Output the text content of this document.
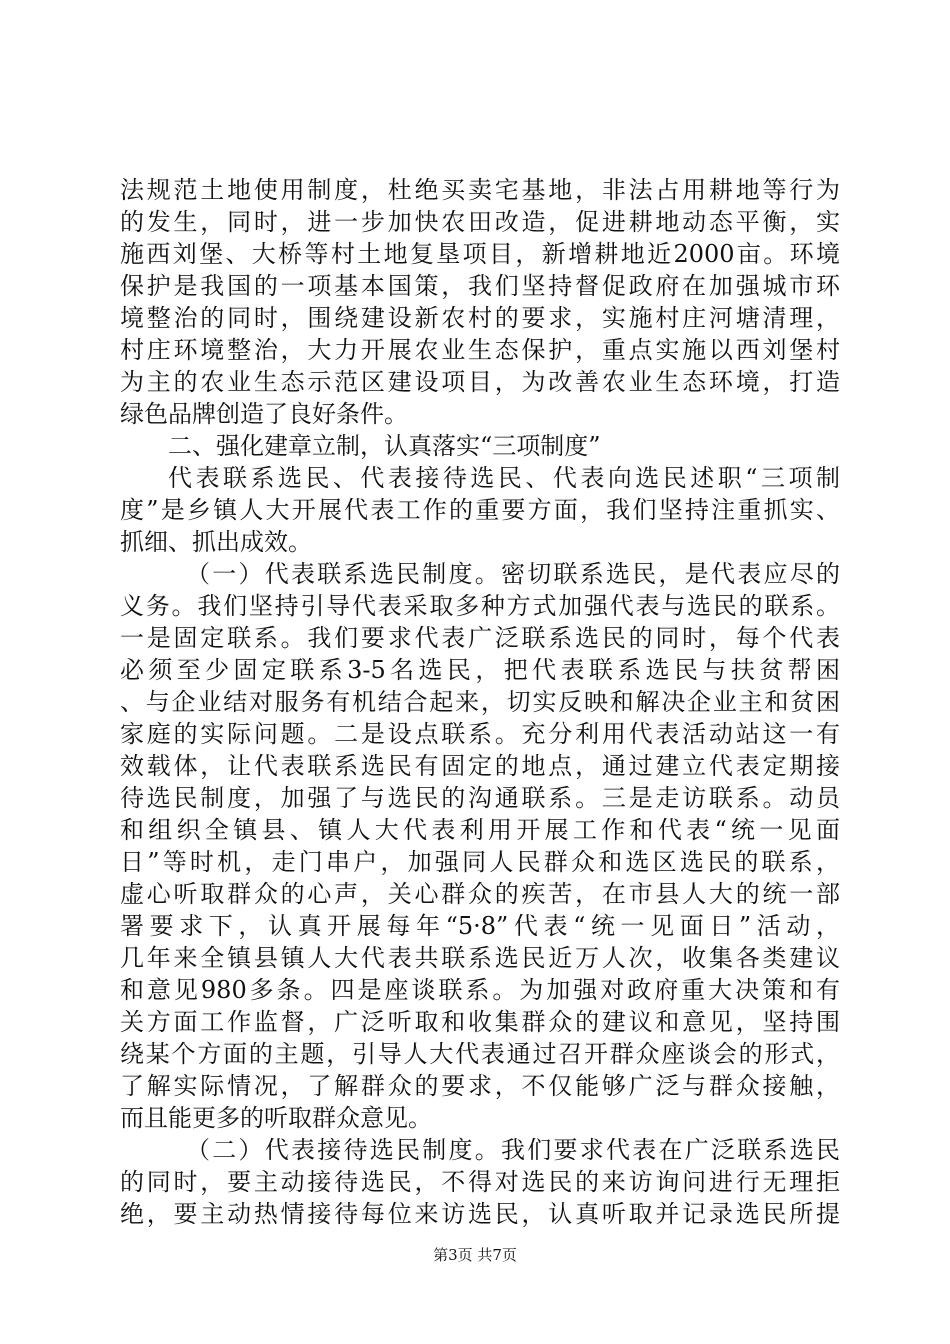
法规范土地使用制度，杜绝买卖宅基地，非法占用耕地等行为
的发生，同时，进一步加快农田改造，促进耕地动态平衡，实
施西刘堡、大桥等村土地复垦项目，新增耕地近2000亩。环境
保护是我国的一项基本国策，我们坚持督促政府在加强城市环
境整治的同时，围绕建设新农村的要求，实施村庄河塘清理，
村庄环境整治，大力开展农业生态保护，重点实施以西刘堡村
为主的农业生态示范区建设项目，为改善农业生态环境，打造
绿色品牌创造了良好条件。
二、强化建章立制，认真落实“三项制度”
代表联系选民、代表接待选民、代表向选民述职“三项制
度”是乡镇人大开展代表工作的重要方面，我们坚持注重抓实、
抓细、抓出成效。
（一）代表联系选民制度。密切联系选民，是代表应尽的
义务。我们坚持引导代表采取多种方式加强代表与选民的联系。
一是固定联系。我们要求代表广泛联系选民的同时，每个代表
必须至少固定联系3-5名选民，把代表联系选民与扶贫帮困
、与企业结对服务有机结合起来，切实反映和解决企业主和贫困
家庭的实际问题。二是设点联系。充分利用代表活动站这一有
效载体，让代表联系选民有固定的地点，通过建立代表定期接
待选民制度，加强了与选民的沟通联系。三是走访联系。动员
和组织全镇县、镇人大代表利用开展工作和代表“统一见面
日”等时机，走门串户，加强同人民群众和选区选民的联系，
虚心听取群众的心声，关心群众的疾苦，在市县人大的统一部
署要求下，认真开展每年“5·8”代表“统一见面日”活动，
几年来全镇县镇人大代表共联系选民近万人次，收集各类建议
和意见980多条。四是座谈联系。为加强对政府重大决策和有
关方面工作监督，广泛听取和收集群众的建议和意见，坚持围
绕某个方面的主题，引导人大代表通过召开群众座谈会的形式，
了解实际情况，了解群众的要求，不仅能够广泛与群众接触，
而且能更多的听取群众意见。
（二）代表接待选民制度。我们要求代表在广泛联系选民
的同时，要主动接待选民，不得对选民的来访询问进行无理拒
绝，要主动热情接待每位来访选民，认真听取并记录选民所提
第3页 共7页
